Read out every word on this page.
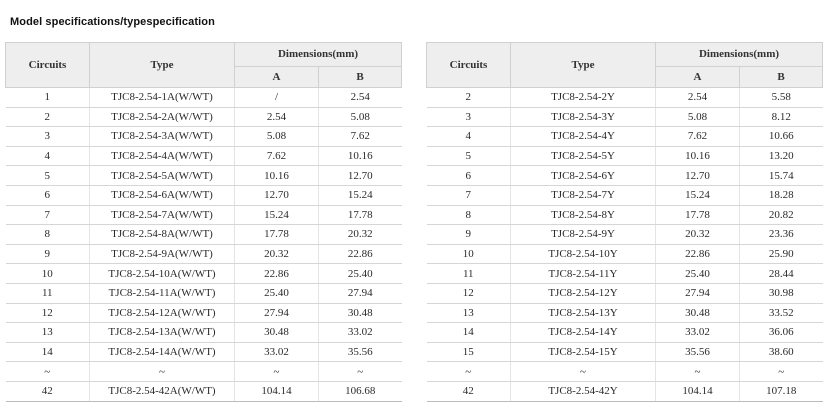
Model specifications/typespecification
Circuits	Type	Dimensions(mm)	
		A	B
1	TJC8-2.54-1A(W/WT)	/	2.54
2	TJC8-2.54-2A(W/WT)	2.54	5.08
3	TJC8-2.54-3A(W/WT)	5.08	7.62
4	TJC8-2.54-4A(W/WT)	7.62	10.16
5	TJC8-2.54-5A(W/WT)	10.16	12.70
6	TJC8-2.54-6A(W/WT)	12.70	15.24
7	TJC8-2.54-7A(W/WT)	15.24	17.78
8	TJC8-2.54-8A(W/WT)	17.78	20.32
9	TJC8-2.54-9A(W/WT)	20.32	22.86
10	TJC8-2.54-10A(W/WT)	22.86	25.40
11	TJC8-2.54-11A(W/WT)	25.40	27.94
12	TJC8-2.54-12A(W/WT)	27.94	30.48
13	TJC8-2.54-13A(W/WT)	30.48	33.02
14	TJC8-2.54-14A(W/WT)	33.02	35.56
~	~	~	~
42	TJC8-2.54-42A(W/WT)	104.14	106.68
Circuits	Type	Dimensions(mm)	
		A	B
2	TJC8-2.54-2Y	2.54	5.58
3	TJC8-2.54-3Y	5.08	8.12
4	TJC8-2.54-4Y	7.62	10.66
5	TJC8-2.54-5Y	10.16	13.20
6	TJC8-2.54-6Y	12.70	15.74
7	TJC8-2.54-7Y	15.24	18.28
8	TJC8-2.54-8Y	17.78	20.82
9	TJC8-2.54-9Y	20.32	23.36
10	TJC8-2.54-10Y	22.86	25.90
11	TJC8-2.54-11Y	25.40	28.44
12	TJC8-2.54-12Y	27.94	30.98
13	TJC8-2.54-13Y	30.48	33.52
14	TJC8-2.54-14Y	33.02	36.06
15	TJC8-2.54-15Y	35.56	38.60
~	~	~	~
42	TJC8-2.54-42Y	104.14	107.18
